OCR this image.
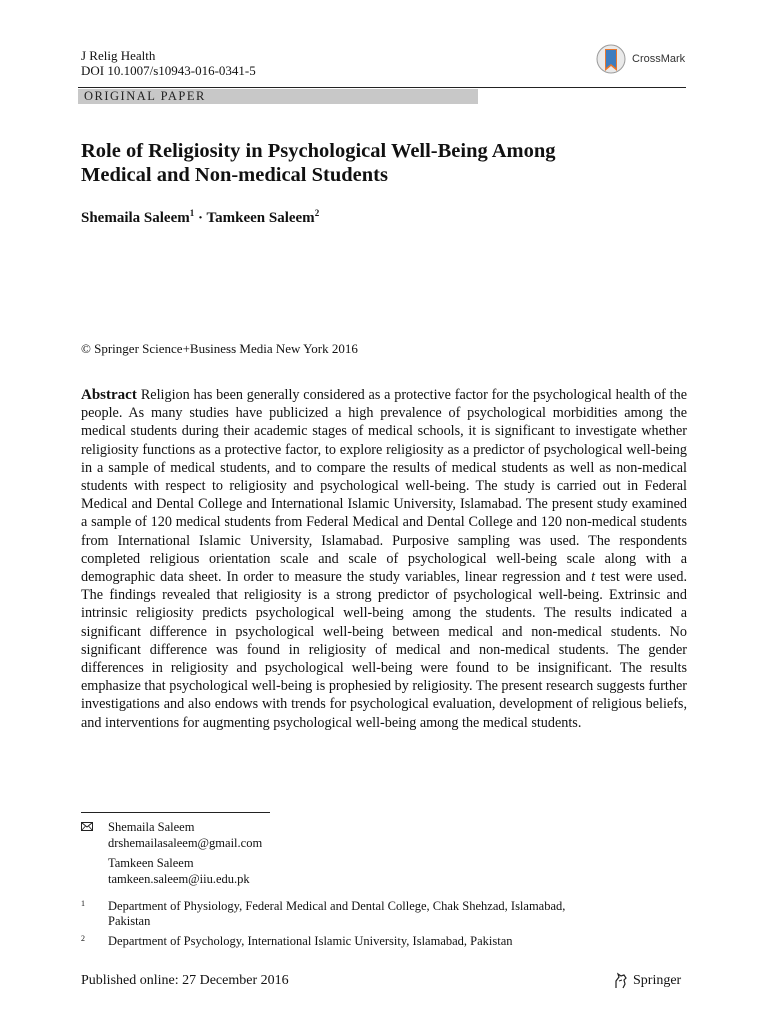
J Relig Health
DOI 10.1007/s10943-016-0341-5
CrossMark
ORIGINAL PAPER
Role of Religiosity in Psychological Well-Being Among
Medical and Non-medical Students
Shemaila Saleem$^1$ · Tamkeen Saleem$^2$
© Springer Science+Business Media New York 2016
Abstract Religion has been generally considered as a protective factor for the psychological health of the people. As many studies have publicized a high prevalence of psychological morbidities among the medical students during their academic stages of medical schools, it is significant to investigate whether religiosity functions as a protective factor, to explore religiosity as a predictor of psychological well-being in a sample of medical students, and to compare the results of medical students as well as non-medical students with respect to religiosity and psychological well-being. The study is carried out in Federal Medical and Dental College and International Islamic University, Islamabad. The present study examined a sample of 120 medical students from Federal Medical and Dental College and 120 non-medical students from International Islamic University, Islamabad. Purposive sampling was used. The respondents completed religious orientation scale and scale of psychological well-being scale along with a demographic data sheet. In order to measure the study variables, linear regression and t test were used. The findings revealed that religiosity is a strong predictor of psychological well-being. Extrinsic and intrinsic religiosity predicts psychological well-being among the students. The results indicated a significant difference in psychological well-being between medical and non-medical students. No significant difference was found in religiosity of medical and non-medical students. The gender differences in religiosity and psychological well-being were found to be insignificant. The results emphasize that psychological well-being is prophesied by religiosity. The present research suggests further investigations and also endows with trends for psychological evaluation, development of religious beliefs, and interventions for augmenting psychological well-being among the medical students.
Shemaila Saleem
drshemailasaleem@gmail.com
Tamkeen Saleem
tamkeen.saleem@iiu.edu.pk
1 Department of Physiology, Federal Medical and Dental College, Chak Shehzad, Islamabad,
Pakistan
2 Department of Psychology, International Islamic University, Islamabad, Pakistan
Published online: 27 December 2016	Springer
